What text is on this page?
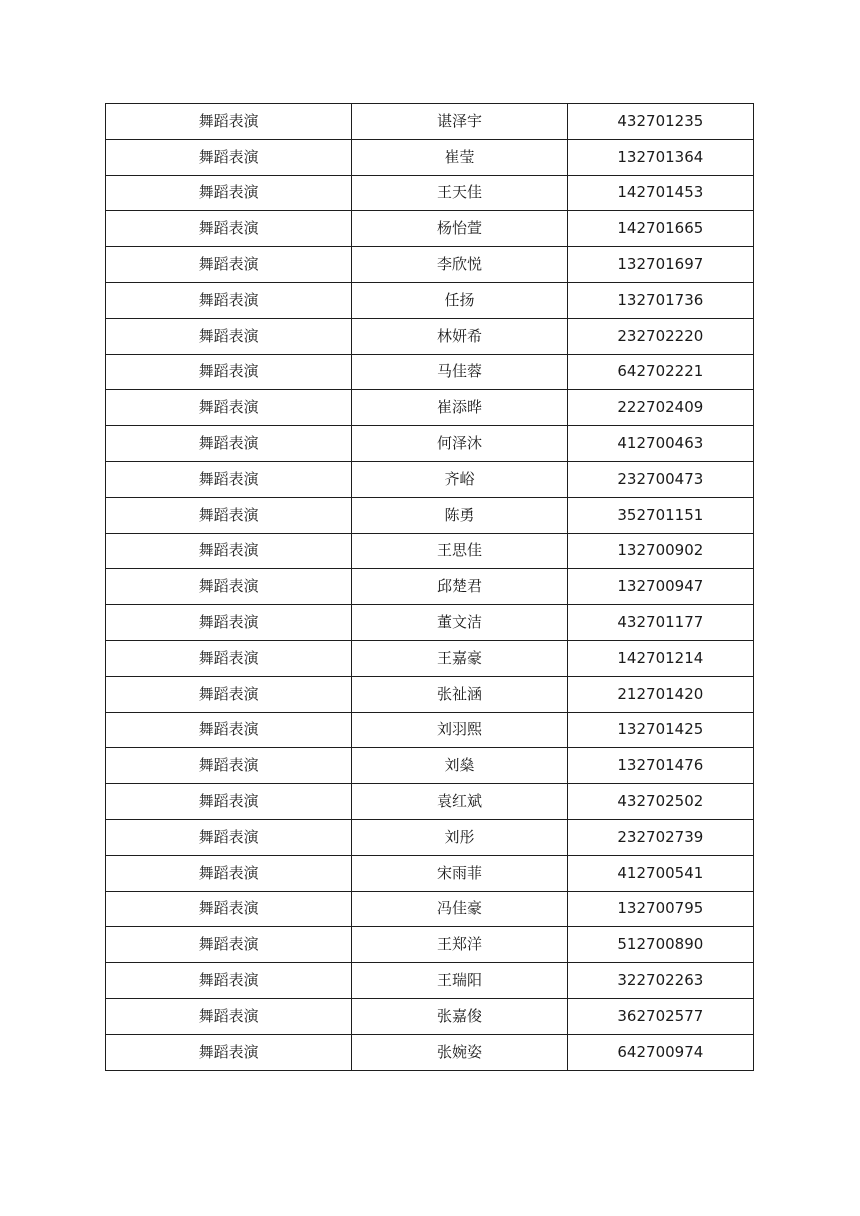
舞蹈表演	谌泽宇	432701235
舞蹈表演	崔莹	132701364
舞蹈表演	王天佳	142701453
舞蹈表演	杨怡萱	142701665
舞蹈表演	李欣悦	132701697
舞蹈表演	任扬	132701736
舞蹈表演	林妍希	232702220
舞蹈表演	马佳蓉	642702221
舞蹈表演	崔添晔	222702409
舞蹈表演	何泽沐	412700463
舞蹈表演	齐峪	232700473
舞蹈表演	陈勇	352701151
舞蹈表演	王思佳	132700902
舞蹈表演	邱楚君	132700947
舞蹈表演	董文洁	432701177
舞蹈表演	王嘉豪	142701214
舞蹈表演	张祉涵	212701420
舞蹈表演	刘羽熙	132701425
舞蹈表演	刘燊	132701476
舞蹈表演	袁红斌	432702502
舞蹈表演	刘彤	232702739
舞蹈表演	宋雨菲	412700541
舞蹈表演	冯佳豪	132700795
舞蹈表演	王郑洋	512700890
舞蹈表演	王瑞阳	322702263
舞蹈表演	张嘉俊	362702577
舞蹈表演	张婉姿	642700974
